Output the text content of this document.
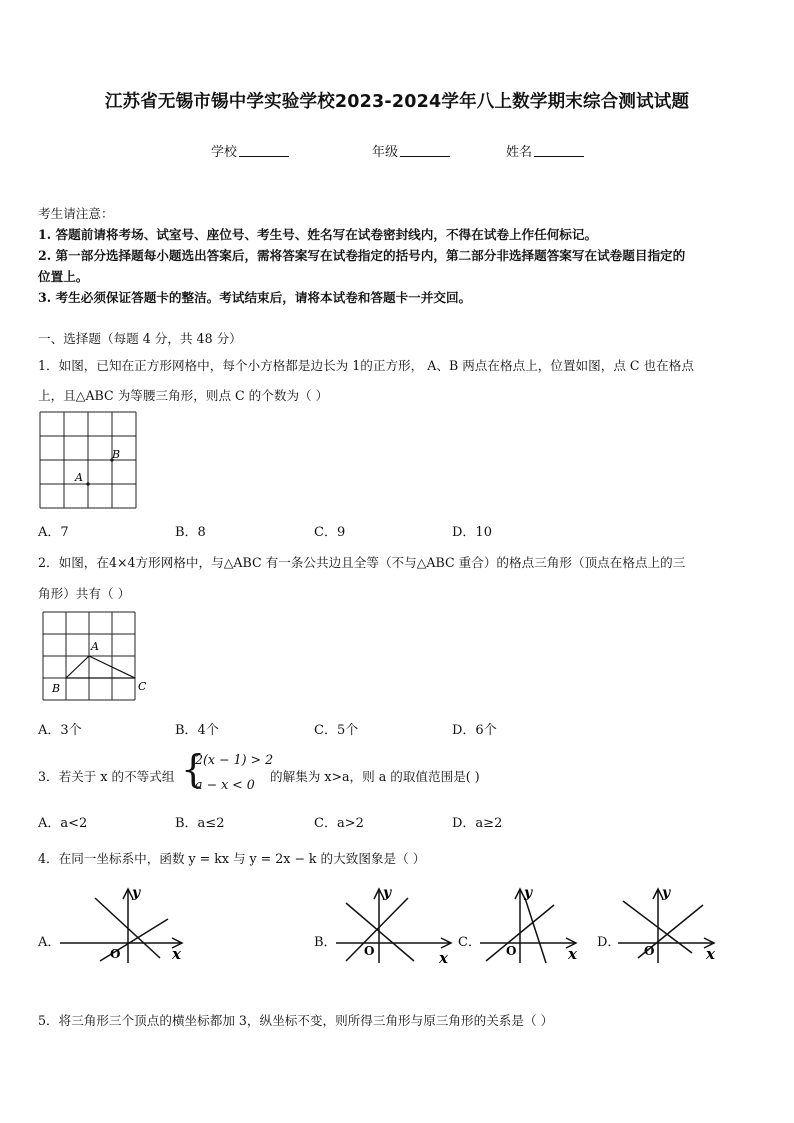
江苏省无锡市锡中学实验学校2023-2024学年八上数学期末综合测试试题
学校	年级	姓名
考生请注意：
1. 答题前请将考场、试室号、座位号、考生号、姓名写在试卷密封线内，不得在试卷上作任何标记。
2. 第一部分选择题每小题选出答案后，需将答案写在试卷指定的括号内，第二部分非选择题答案写在试卷题目指定的
位置上。
3. 考生必须保证答题卡的整洁。考试结束后，请将本试卷和答题卡一并交回。
一、选择题（每题 4 分，共 48 分）
1．如图，已知在正方形网格中，每个小方格都是边长为 1的正方形， A、B 两点在格点上，位置如图，点 C 也在格点
上，且△ABC 为等腰三角形，则点 C 的个数为（ ）
A
B
A．7	B．8	C．9	D．10
2．如图，在4×4方形网格中，与△ABC 有一条公共边且全等（不与△ABC 重合）的格点三角形（顶点在格点上的三
角形）共有（ ）
A
B	C
A．3个	B．4个	C．5个	D．6个
3．若关于 x 的不等式组 {
2(x − 1) > 2
a − x < 0
的解集为 x>a，则 a 的取值范围是( )
A．a<2	B．a≤2	C．a>2	D．a≥2
4．在同一坐标系中，函数 y = kx 与 y = 2x − k 的大致图象是（ ）
A．	B．	C．	D．
y
x
O
y
x
O
y
x
O
y
x
O
5．将三角形三个顶点的横坐标都加 3，纵坐标不变，则所得三角形与原三角形的关系是（ ）
